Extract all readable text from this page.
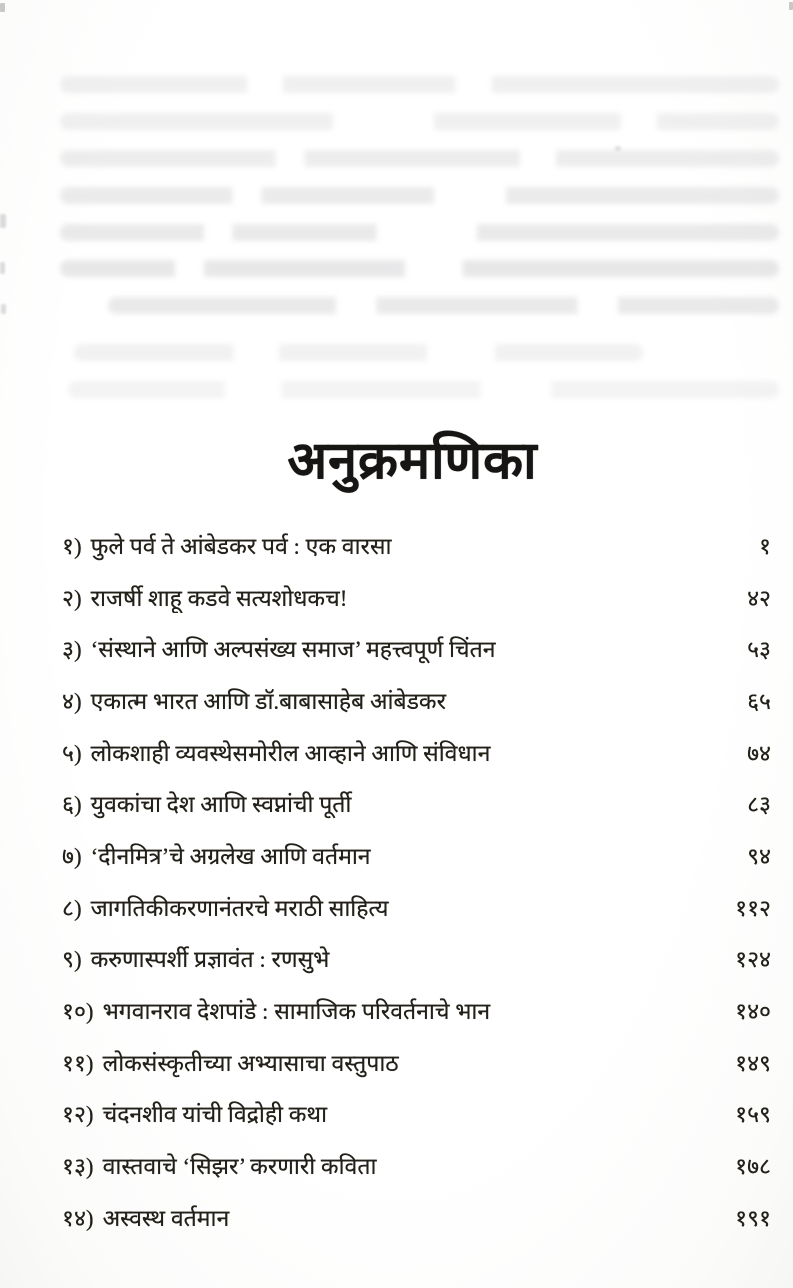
अनुक्रमणिका
१) फुले पर्व ते आंबेडकर पर्व : एक वारसा	१
२) राजर्षी शाहू कडवे सत्यशोधकच!	४२
३) ‘संस्थाने आणि अल्पसंख्य समाज’ महत्त्वपूर्ण चिंतन	५३
४) एकात्म भारत आणि डॉ.बाबासाहेब आंबेडकर	६५
५) लोकशाही व्यवस्थेसमोरील आव्हाने आणि संविधान	७४
६) युवकांचा देश आणि स्वप्नांची पूर्ती	८३
७) ‘दीनमित्र’चे अग्रलेख आणि वर्तमान	९४
८) जागतिकीकरणानंतरचे मराठी साहित्य	११२
९) करुणास्पर्शी प्रज्ञावंत : रणसुभे	१२४
१०) भगवानराव देशपांडे : सामाजिक परिवर्तनाचे भान	१४०
११) लोकसंस्कृतीच्या अभ्यासाचा वस्तुपाठ	१४९
१२) चंदनशीव यांची विद्रोही कथा	१५९
१३) वास्तवाचे ‘सिझर’ करणारी कविता	१७८
१४) अस्वस्थ वर्तमान	१९१
